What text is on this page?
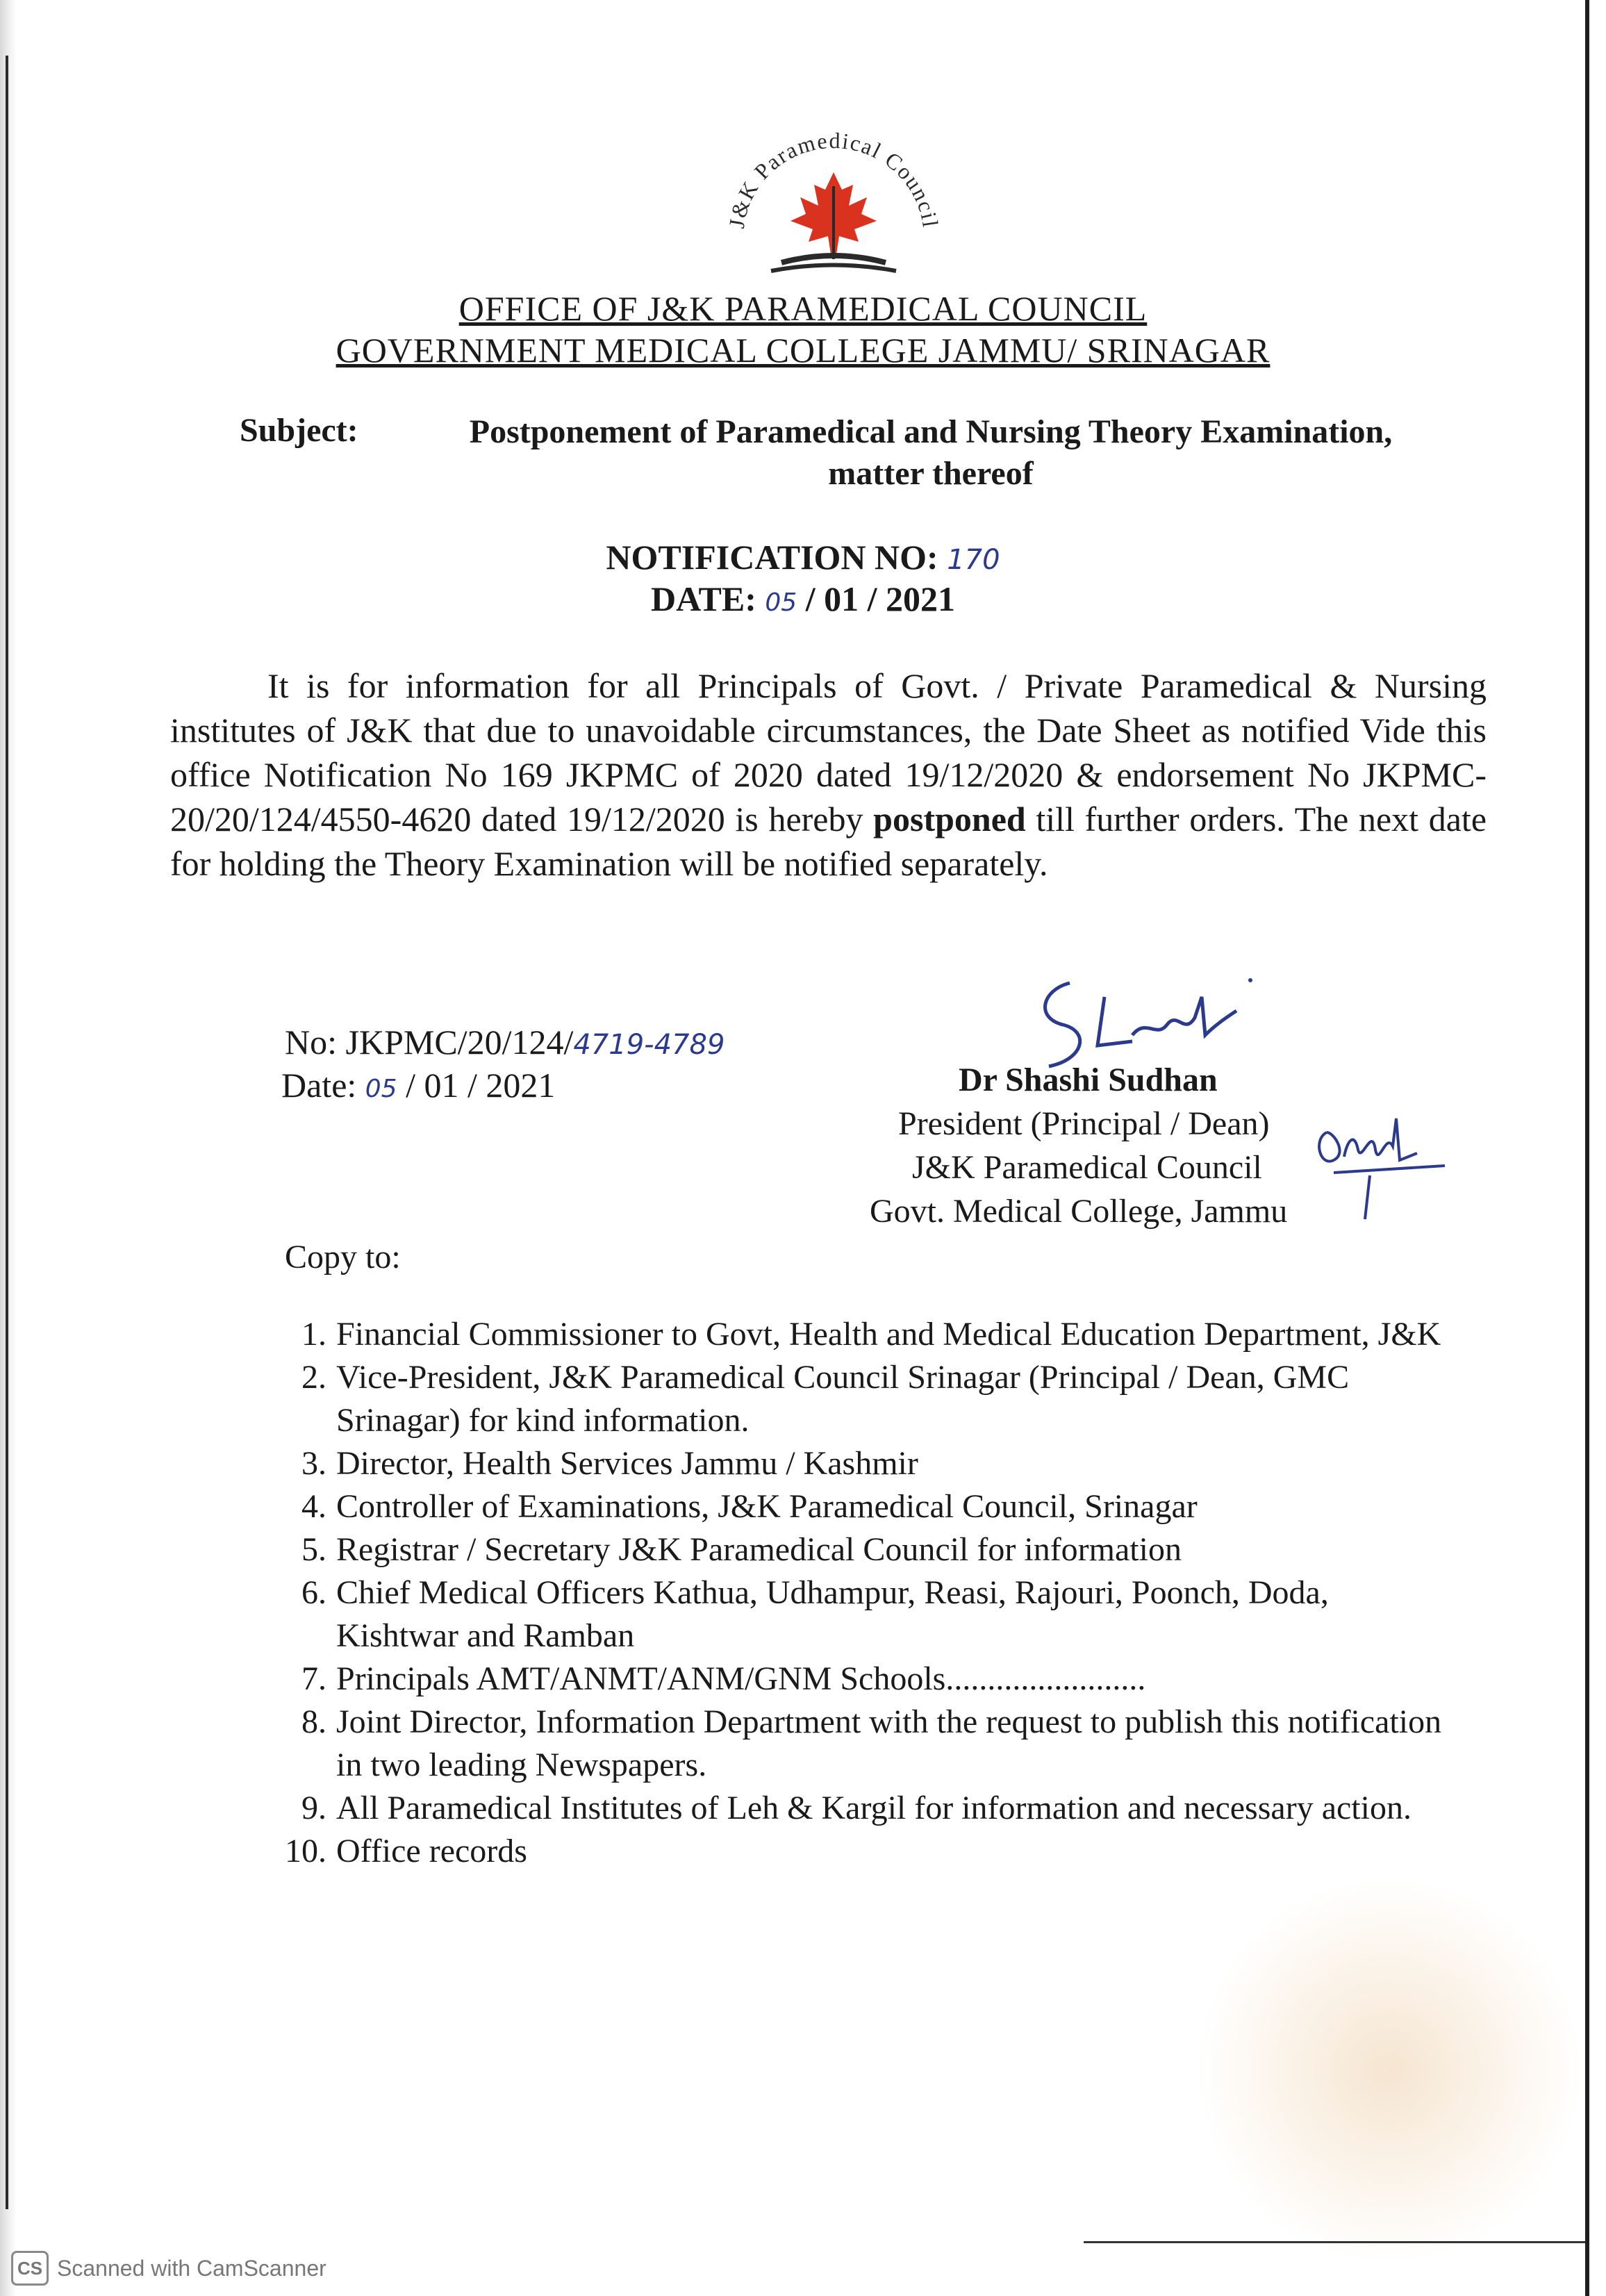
J&K Paramedical Council
OFFICE OF J&K PARAMEDICAL COUNCIL
GOVERNMENT MEDICAL COLLEGE JAMMU/ SRINAGAR
Subject:	Postponement of Paramedical and Nursing Theory Examination,
matter thereof
NOTIFICATION NO: 170
DATE: 05 / 01 / 2021
It is for information for all Principals of Govt. / Private Paramedical & Nursing institutes of J&K that due to unavoidable circumstances, the Date Sheet as notified Vide this office Notification No 169 JKPMC of 2020 dated 19/12/2020 & endorsement No JKPMC-20/20/124/4550-4620 dated 19/12/2020 is hereby postponed till further orders. The next date for holding the Theory Examination will be notified separately.
No: JKPMC/20/124/4719-4789
Date: 05 / 01 / 2021	Dr Shashi Sudhan
President (Principal / Dean)
J&K Paramedical Council
Govt. Medical College, Jammu
Copy to:
1. Financial Commissioner to Govt, Health and Medical Education Department, J&K
2. Vice-President, J&K Paramedical Council Srinagar (Principal / Dean, GMC Srinagar) for kind information.
3. Director, Health Services Jammu / Kashmir
4. Controller of Examinations, J&K Paramedical Council, Srinagar
5. Registrar / Secretary J&K Paramedical Council for information
6. Chief Medical Officers Kathua, Udhampur, Reasi, Rajouri, Poonch, Doda, Kishtwar and Ramban
7. Principals AMT/ANMT/ANM/GNM Schools........................
8. Joint Director, Information Department with the request to publish this notification in two leading Newspapers.
9. All Paramedical Institutes of Leh & Kargil for information and necessary action.
10. Office records
CS Scanned with CamScanner
